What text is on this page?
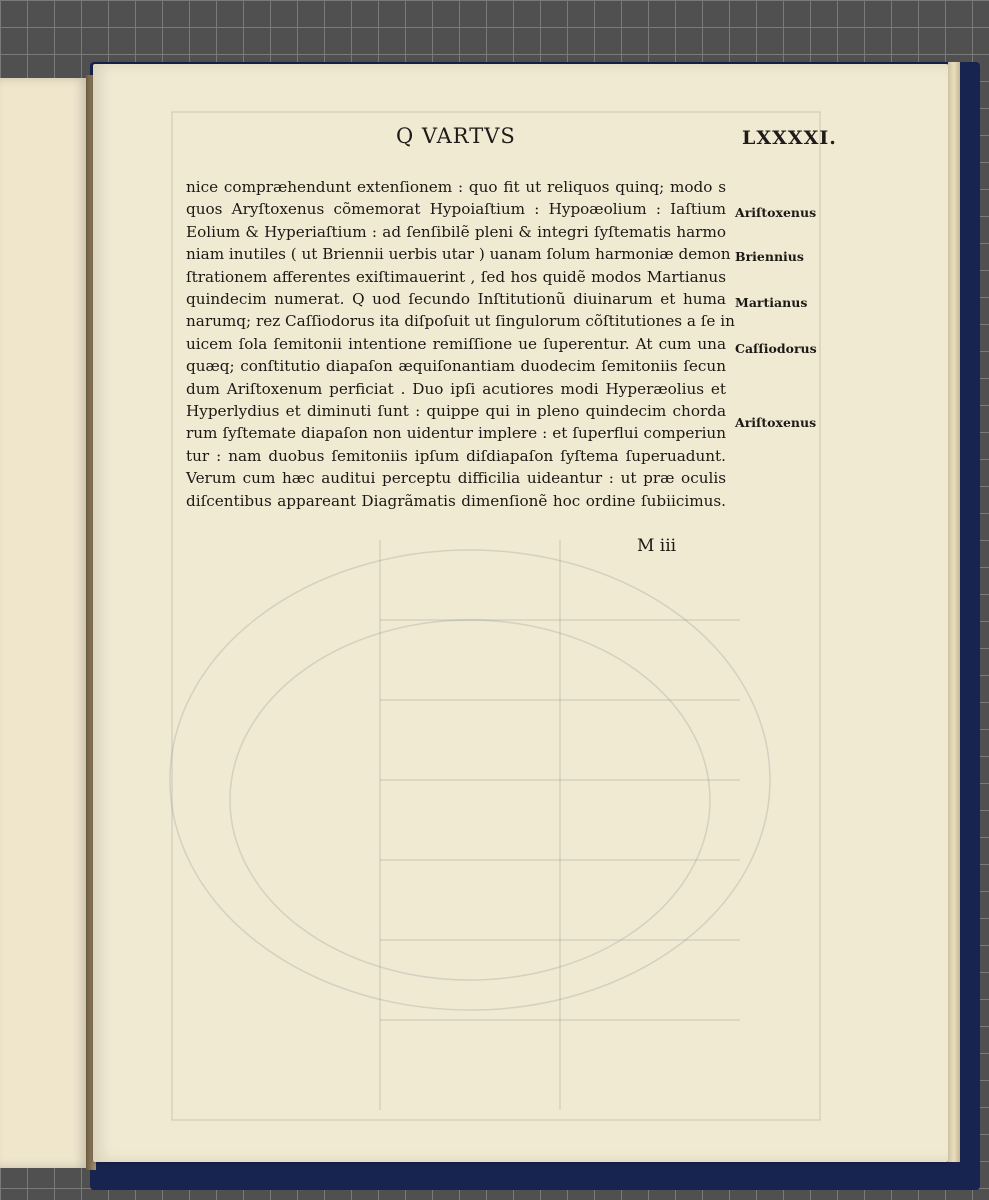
Q VARTVS	LXXXXI.
nice compræhendunt extenſionem : quo fit ut reliquos quinq; modo s
quos Aryſtoxenus cõmemorat Hypoiaſtium : Hypoæolium : Iaſtium
Eolium & Hyperiaſtium : ad ſenſibilẽ pleni & integri ſyſtematis harmo
niam inutiles ( ut Briennii uerbis utar ) uanam ſolum harmoniæ demon
ſtrationem afferentes exiſtimauerint , ſed hos quidẽ modos Martianus
quindecim numerat. Q uod ſecundo Inſtitutionũ diuinarum et huma
narumq; rez Caſſiodorus ita diſpoſuit ut ſingulorum cõſtitutiones a ſe in
uicem ſola ſemitonii intentione remiſſione ue ſuperentur. At cum una
quæq; conſtitutio diapaſon æquiſonantiam duodecim ſemitoniis ſecun
dum Ariſtoxenum perficiat . Duo ipſi acutiores modi Hyperæolius et
Hyperlydius et diminuti ſunt : quippe qui in pleno quindecim chorda
rum ſyſtemate diapaſon non uidentur implere : et ſuperflui comperiun
tur : nam duobus ſemitoniis ipſum diſdiapaſon ſyſtema ſuperuadunt.
Verum cum hæc auditui perceptu difficilia uideantur : ut præ oculis
diſcentibus appareant Diagrãmatis dimenſionẽ hoc ordine ſubiicimus.
M iii
Ariſtoxenus
Briennius
Martianus
Caſſiodorus
Ariſtoxenus
